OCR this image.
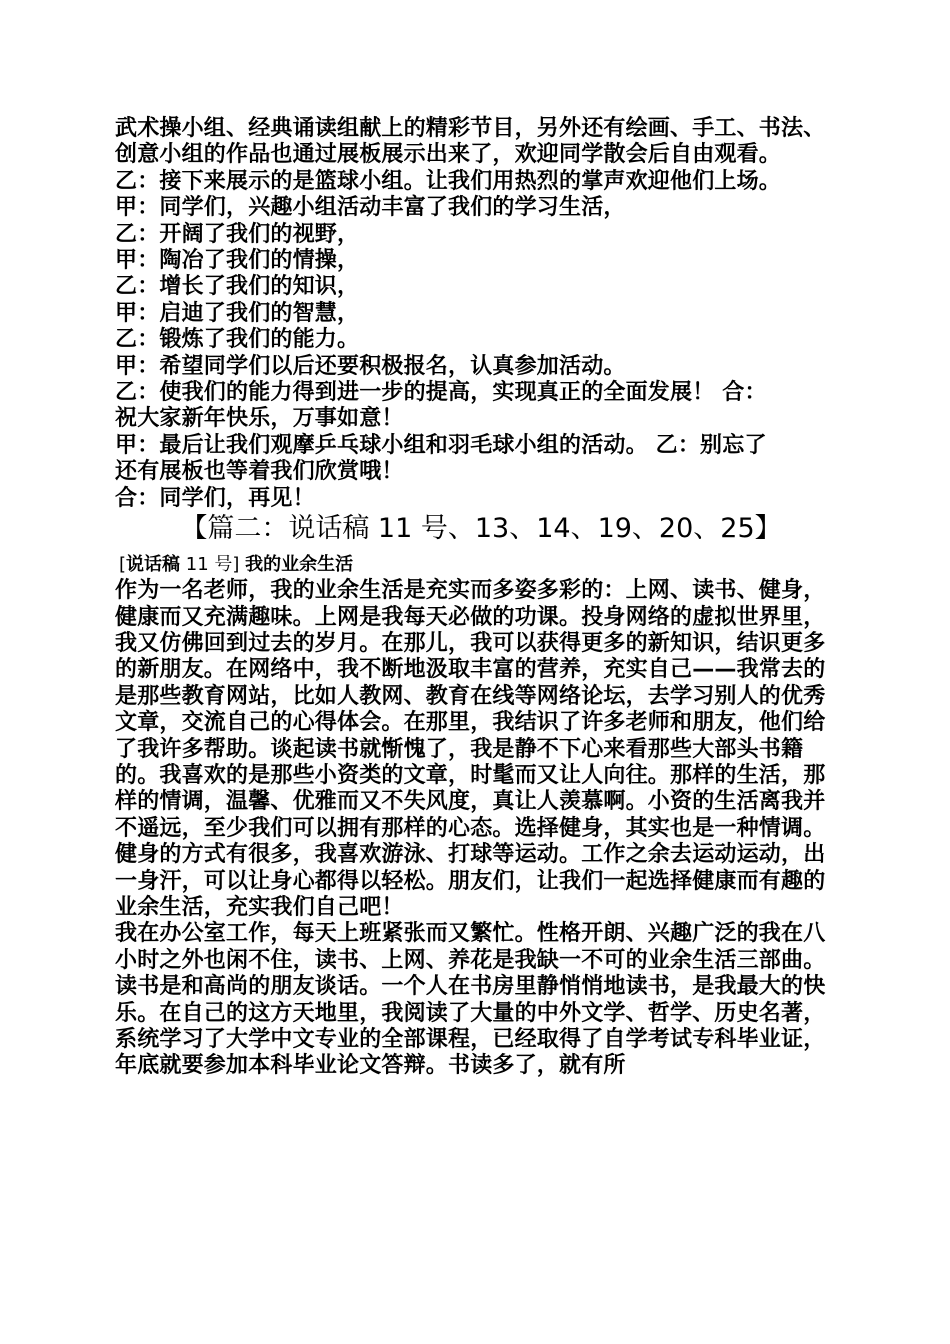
武术操小组、经典诵读组献上的精彩节目，另外还有绘画、手工、书法、创意小组的作品也通过展板展示出来了，欢迎同学散会后自由观看。

乙：接下来展示的是篮球小组。让我们用热烈的掌声欢迎他们上场。

甲：同学们，兴趣小组活动丰富了我们的学习生活，

乙：开阔了我们的视野，

甲：陶冶了我们的情操，

乙：增长了我们的知识，

甲：启迪了我们的智慧，

乙：锻炼了我们的能力。

甲：希望同学们以后还要积极报名，认真参加活动。

乙：使我们的能力得到进一步的提高，实现真正的全面发展！ 合：

祝大家新年快乐，万事如意！

甲：最后让我们观摩乒乓球小组和羽毛球小组的活动。 乙：别忘了

还有展板也等着我们欣赏哦！

合：同学们，再见！

【篇二：说话稿 11 号、13、14、19、20、25】

[说话稿 11 号] 我的业余生活

作为一名老师，我的业余生活是充实而多姿多彩的：上网、读书、健身，健康而又充满趣味。上网是我每天必做的功课。投身网络的虚拟世界里，我又仿佛回到过去的岁月。在那儿，我可以获得更多的新知识，结识更多的新朋友。在网络中，我不断地汲取丰富的营养，充实自己——我常去的是那些教育网站，比如人教网、教育在线等网络论坛，去学习别人的优秀文章，交流自己的心得体会。在那里，我结识了许多老师和朋友，他们给了我许多帮助。谈起读书就惭愧了，我是静不下心来看那些大部头书籍的。我喜欢的是那些小资类的文章，时髦而又让人向往。那样的生活，那样的情调，温馨、优雅而又不失风度，真让人羡慕啊。小资的生活离我并不遥远，至少我们可以拥有那样的心态。选择健身，其实也是一种情调。健身的方式有很多，我喜欢游泳、打球等运动。工作之余去运动运动，出一身汗，可以让身心都得以轻松。朋友们，让我们一起选择健康而有趣的业余生活，充实我们自己吧！

我在办公室工作，每天上班紧张而又繁忙。性格开朗、兴趣广泛的我在八小时之外也闲不住，读书、上网、养花是我缺一不可的业余生活三部曲。

读书是和高尚的朋友谈话。一个人在书房里静悄悄地读书，是我最大的快乐。在自己的这方天地里，我阅读了大量的中外文学、哲学、历史名著，系统学习了大学中文专业的全部课程，已经取得了自学考试专科毕业证，年底就要参加本科毕业论文答辩。书读多了，就有所
